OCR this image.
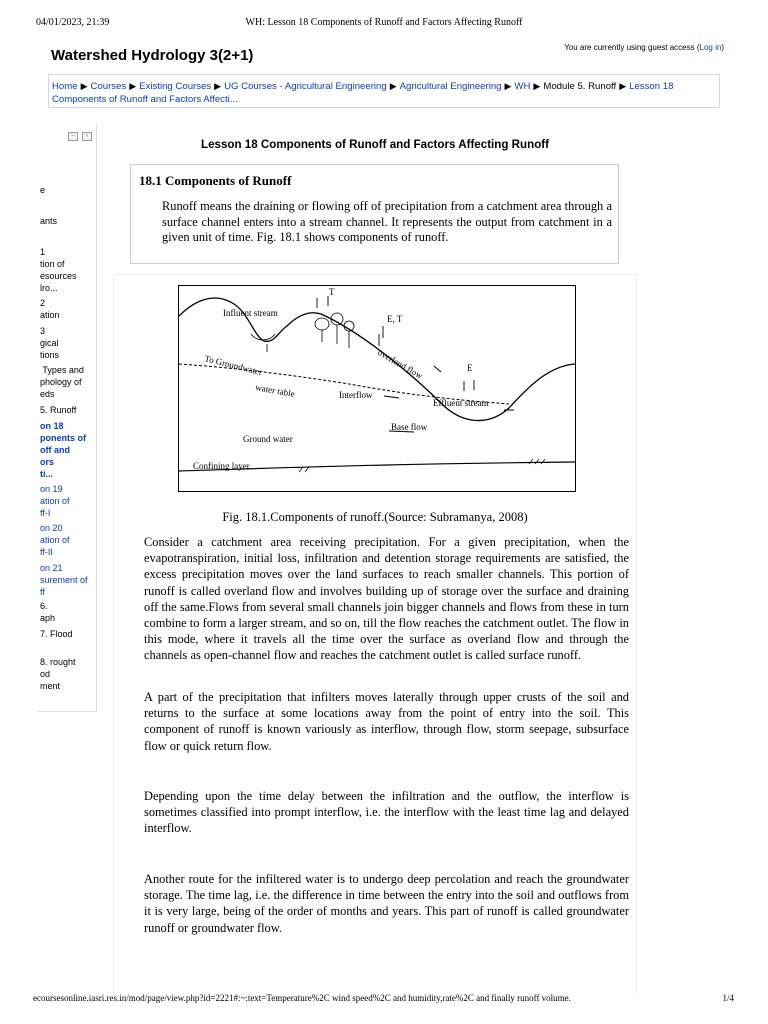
04/01/2023, 21:39	WH: Lesson 18 Components of Runoff and Factors Affecting Runoff
Watershed Hydrology 3(2+1)	You are currently using guest access (Log in)
Home ▶ Courses ▶ Existing Courses ▶ UG Courses - Agricultural Engineering ▶ Agricultural Engineering ▶ WH ▶ Module 5. Runoff ▶ Lesson 18 Components of Runoff and Factors Affecti...
−	‹
e
ants
1
tion of
esources
lro...
2
ation
3
gical
tions
Types and
phology of
eds
5. Runoff
on 18
ponents of
off and
ors
ti...
on 19
ation of
ff-I
on 20
ation of
ff-II
on 21
surement of
ff
6.
aph
7. Flood
8. rought
od
ment
Lesson 18 Components of Runoff and Factors Affecting Runoff
18.1 Components of Runoff
Runoff means the draining or flowing off of precipitation from a catchment area through a surface channel enters into a stream channel. It represents the output from catchment in a given unit of time. Fig. 18.1 shows components of runoff.
Influent stream
T
E, T
overland flow	E
To Groundwater
water table	Interflow
Effluent stream
Base flow
Ground water
Confining layer
Fig. 18.1.Components of runoff.(Source: Subramanya, 2008)
Consider a catchment area receiving precipitation. For a given precipitation, when the evapotranspiration, initial loss, infiltration and detention storage requirements are satisfied, the excess precipitation moves over the land surfaces to reach smaller channels. This portion of runoff is called overland flow and involves building up of storage over the surface and draining off the same.Flows from several small channels join bigger channels and flows from these in turn combine to form a larger stream, and so on, till the flow reaches the catchment outlet. The flow in this mode, where it travels all the time over the surface as overland flow and through the channels as open-channel flow and reaches the catchment outlet is called surface runoff.
A part of the precipitation that infilters moves laterally through upper crusts of the soil and returns to the surface at some locations away from the point of entry into the soil. This component of runoff is known variously as interflow, through flow, storm seepage, subsurface flow or quick return flow.
Depending upon the time delay between the infiltration and the outflow, the interflow is sometimes classified into prompt interflow, i.e. the interflow with the least time lag and delayed interflow.
Another route for the infiltered water is to undergo deep percolation and reach the groundwater storage. The time lag, i.e. the difference in time between the entry into the soil and outflows from it is very large, being of the order of months and years. This part of runoff is called groundwater runoff or groundwater flow.
ecoursesonline.iasri.res.in/mod/page/view.php?id=2221#:~:text=Temperature%2C wind speed%2C and humidity,rate%2C and finally runoff volume.	1/4
